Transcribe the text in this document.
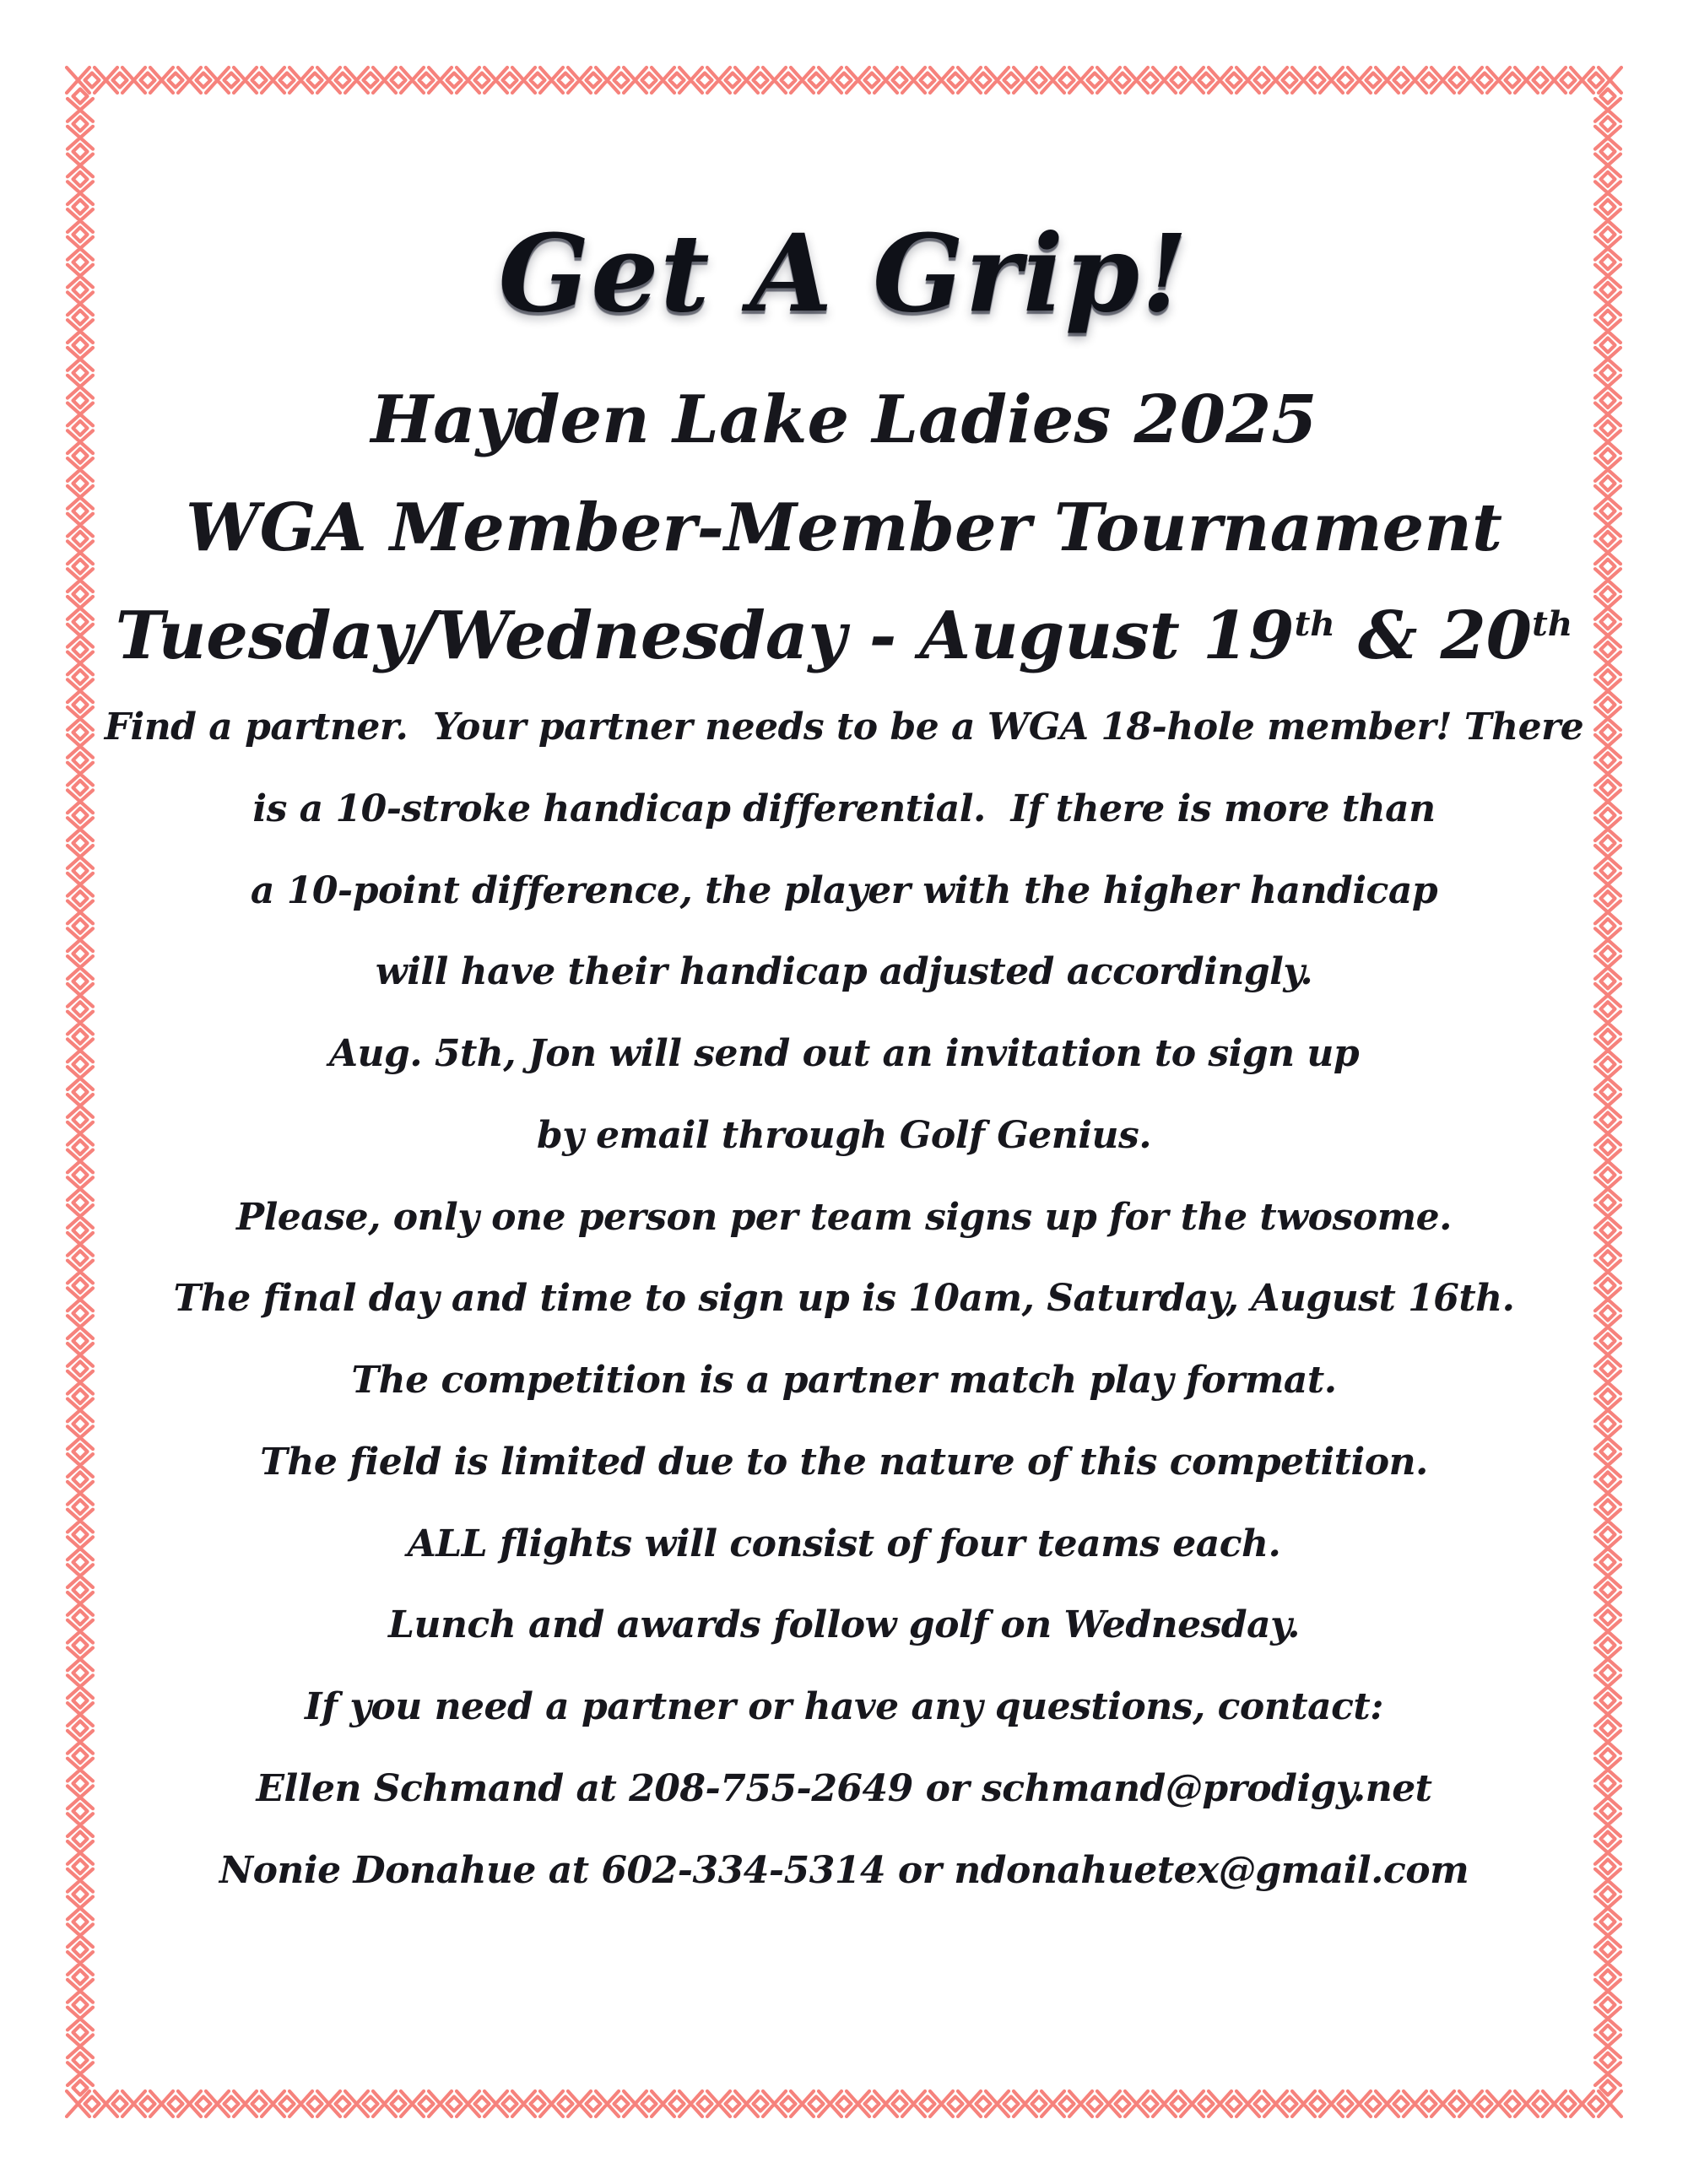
Get A Grip!
Hayden Lake Ladies 2025
WGA Member-Member Tournament
Tuesday/Wednesday - August 19th & 20th
Find a partner.  Your partner needs to be a WGA 18-hole member! There
is a 10-stroke handicap differential.  If there is more than
a 10-point difference, the player with the higher handicap
will have their handicap adjusted accordingly.
Aug. 5th, Jon will send out an invitation to sign up
by email through Golf Genius.
Please, only one person per team signs up for the twosome.
The final day and time to sign up is 10am, Saturday, August 16th.
The competition is a partner match play format.
The field is limited due to the nature of this competition.
ALL flights will consist of four teams each.
Lunch and awards follow golf on Wednesday.
If you need a partner or have any questions, contact:
Ellen Schmand at 208-755-2649 or schmand@prodigy.net
Nonie Donahue at 602-334-5314 or ndonahuetex@gmail.com
